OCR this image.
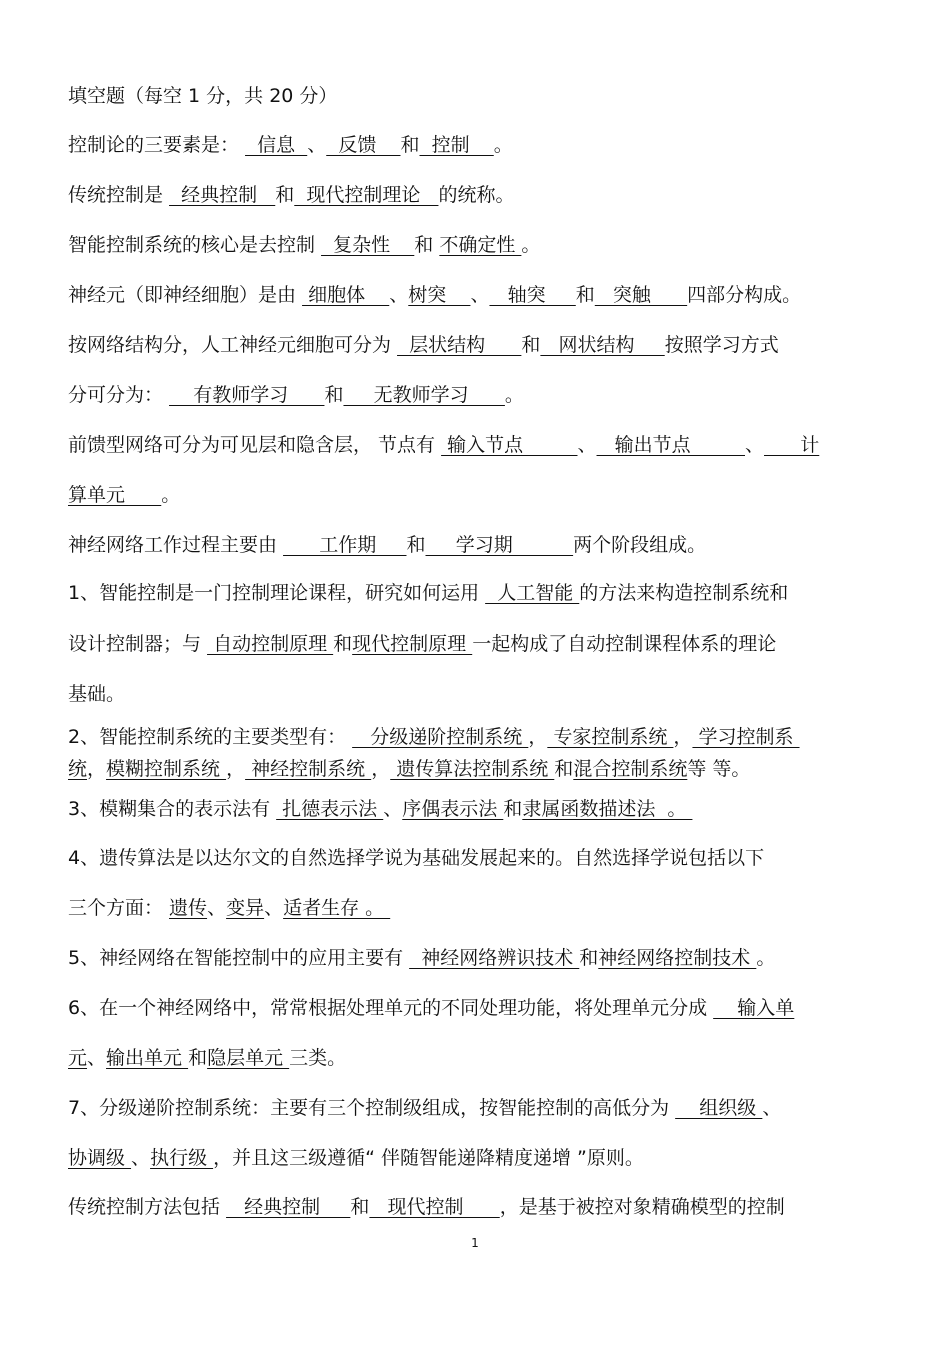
填空题（每空 1 分，共 20 分）
控制论的三要素是：   信息  、  反馈    和  控制    。
传统控制是   经典控制   和  现代控制理论   的统称。
智能控制系统的核心是去控制   复杂性    和 不确定性 。
神经元（即神经细胞）是由  细胞体    、树突    、   轴突     和   突触      四部分构成。
按网络结构分，人工神经元细胞可分为   层状结构      和   网状结构     按照学习方式
分可分为：     有教师学习      和     无教师学习      。
前馈型网络可分为可见层和隐含层， 节点有  输入节点         、   输出节点         、      计
算单元      。
神经网络工作过程主要由       工作期     和     学习期          两个阶段组成。
1、智能控制是一门控制理论课程，研究如何运用   人工智能 的方法来构造控制系统和
设计控制器；与  自动控制原理 和现代控制原理 一起构成了自动控制课程体系的理论
基础。
2、智能控制系统的主要类型有：    分级递阶控制系统 ， 专家控制系统 ， 学习控制系
统，模糊控制系统 ， 神经控制系统 ， 遗传算法控制系统 和混合控制系统等 等。
3、模糊集合的表示法有  扎德表示法 、序偶表示法 和隶属函数描述法  。
4、遗传算法是以达尔文的自然选择学说为基础发展起来的。自然选择学说包括以下
三个方面： 遗传、变异、适者生存 。
5、神经网络在智能控制中的应用主要有   神经网络辨识技术 和神经网络控制技术 。
6、在一个神经网络中，常常根据处理单元的不同处理功能，将处理单元分成     输入单
元、输出单元 和隐层单元 三类。
7、分级递阶控制系统：主要有三个控制级组成，按智能控制的高低分为     组织级 、
协调级 、执行级 ，并且这三级遵循“ 伴随智能递降精度递增 ”原则。
传统控制方法包括    经典控制     和   现代控制      ，是基于被控对象精确模型的控制
1
